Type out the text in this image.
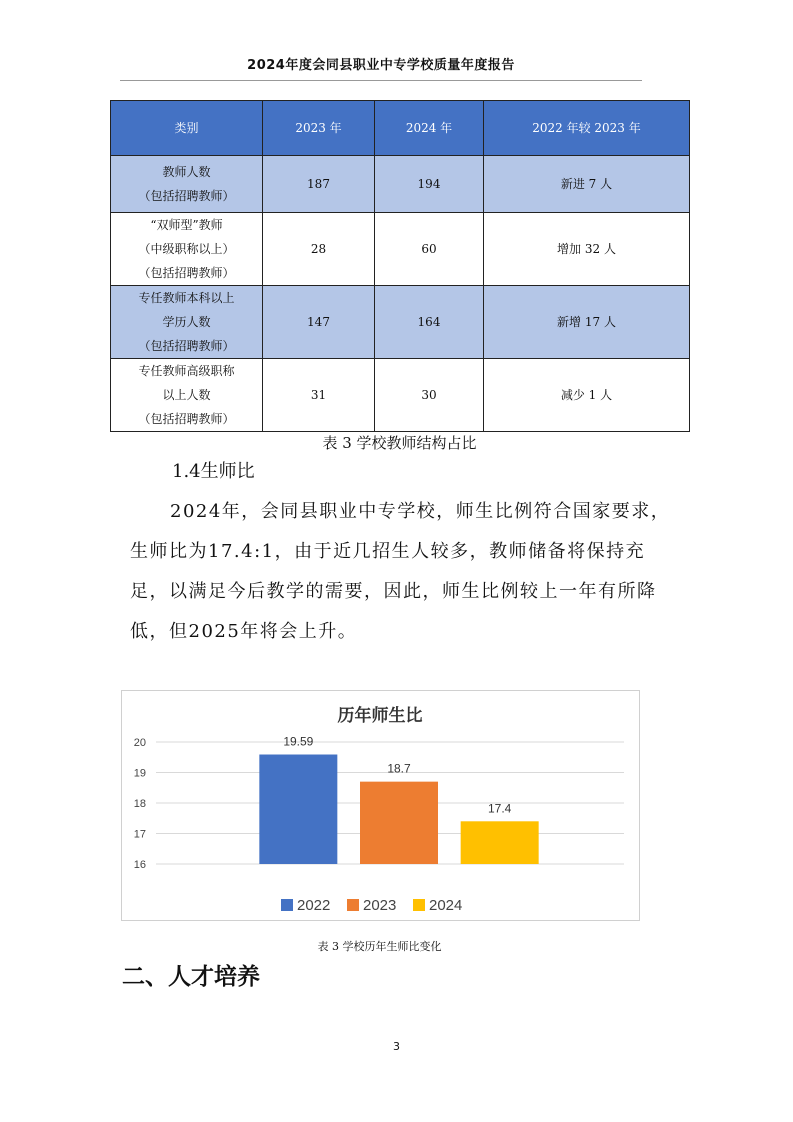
2024年度会同县职业中专学校质量年度报告
类别	2023 年	2024 年	2022 年较 2023 年

教师人数
（包括招聘教师）	187	194	新进 7 人

“双师型”教师
（中级职称以上）
（包括招聘教师）	28	60	增加 32 人

专任教师本科以上
学历人数
（包括招聘教师）	147	164	新增 17 人

专任教师高级职称
以上人数
（包括招聘教师）	31	30	减少 1 人
表 3 学校教师结构占比
1.4生师比

2024年，会同县职业中专学校，师生比例符合国家要求，生师比为17.4:1，由于近几招生人较多，教师储备将保持充足，以满足今后教学的需要，因此，师生比例较上一年有所降低，但2025年将会上升。

历年师生比
16
17
18
19
20	19.59
18.7
17.4
2022 2023 2024
表 3 学校历年生师比变化
二、人才培养
3
